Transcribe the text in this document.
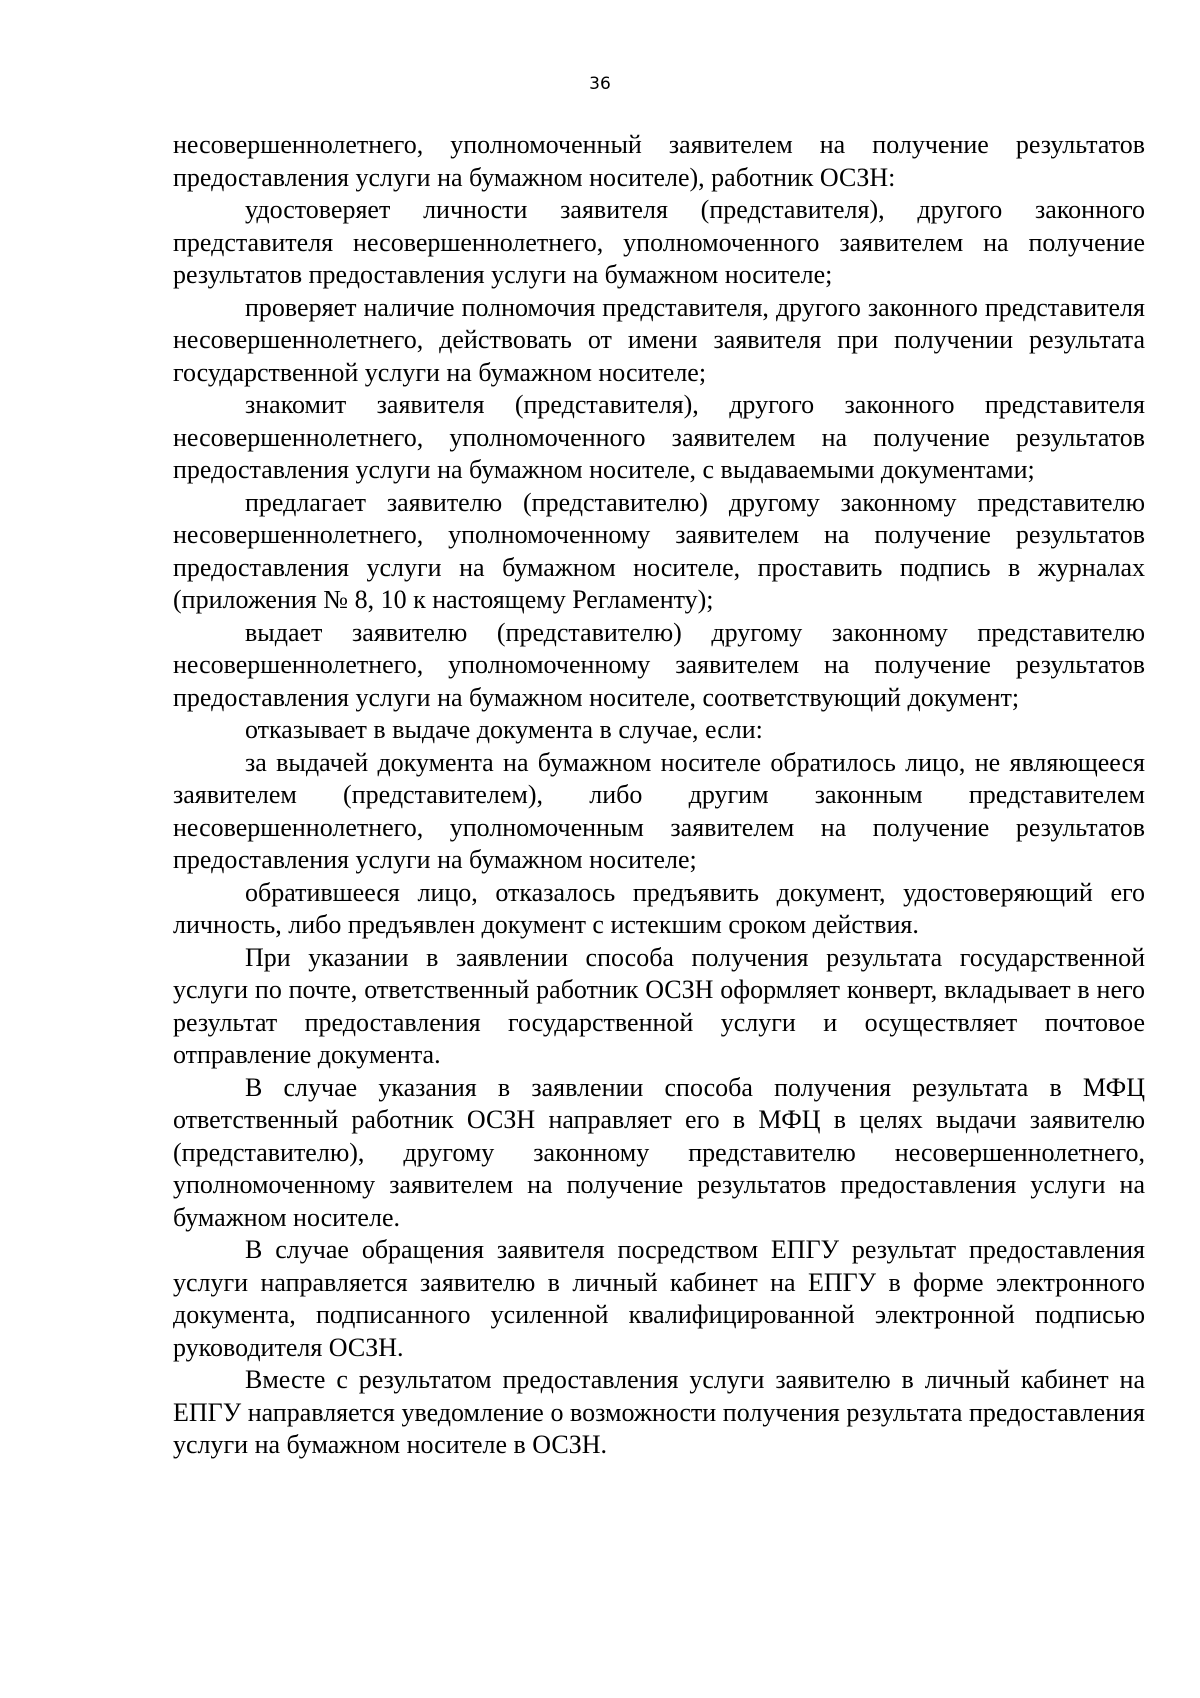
36

несовершеннолетнего, уполномоченный заявителем на получение результатов предоставления услуги на бумажном носителе), работник ОСЗН:

удостоверяет личности заявителя (представителя), другого законного представителя несовершеннолетнего, уполномоченного заявителем на получение результатов предоставления услуги на бумажном носителе;

проверяет наличие полномочия представителя, другого законного представителя несовершеннолетнего, действовать от имени заявителя при получении результата государственной услуги на бумажном носителе;

знакомит заявителя (представителя), другого законного представителя несовершеннолетнего, уполномоченного заявителем на получение результатов предоставления услуги на бумажном носителе, с выдаваемыми документами;

предлагает заявителю (представителю) другому законному представителю несовершеннолетнего, уполномоченному заявителем на получение результатов предоставления услуги на бумажном носителе, проставить подпись в журналах (приложения № 8, 10 к настоящему Регламенту);

выдает заявителю (представителю) другому законному представителю несовершеннолетнего, уполномоченному заявителем на получение результатов предоставления услуги на бумажном носителе, соответствующий документ;

отказывает в выдаче документа в случае, если:

за выдачей документа на бумажном носителе обратилось лицо, не являющееся заявителем (представителем), либо другим законным представителем несовершеннолетнего, уполномоченным заявителем на получение результатов предоставления услуги на бумажном носителе;

обратившееся лицо, отказалось предъявить документ, удостоверяющий его личность, либо предъявлен документ с истекшим сроком действия.

При указании в заявлении способа получения результата государственной услуги по почте, ответственный работник ОСЗН оформляет конверт, вкладывает в него результат предоставления государственной услуги и осуществляет почтовое отправление документа.

В случае указания в заявлении способа получения результата в МФЦ ответственный работник ОСЗН направляет его в МФЦ в целях выдачи заявителю (представителю), другому законному представителю несовершеннолетнего, уполномоченному заявителем на получение результатов предоставления услуги на бумажном носителе.

В случае обращения заявителя посредством ЕПГУ результат предоставления услуги направляется заявителю в личный кабинет на ЕПГУ в форме электронного документа, подписанного усиленной квалифицированной электронной подписью руководителя ОСЗН.

Вместе с результатом предоставления услуги заявителю в личный кабинет на ЕПГУ направляется уведомление о возможности получения результата предоставления услуги на бумажном носителе в ОСЗН.
